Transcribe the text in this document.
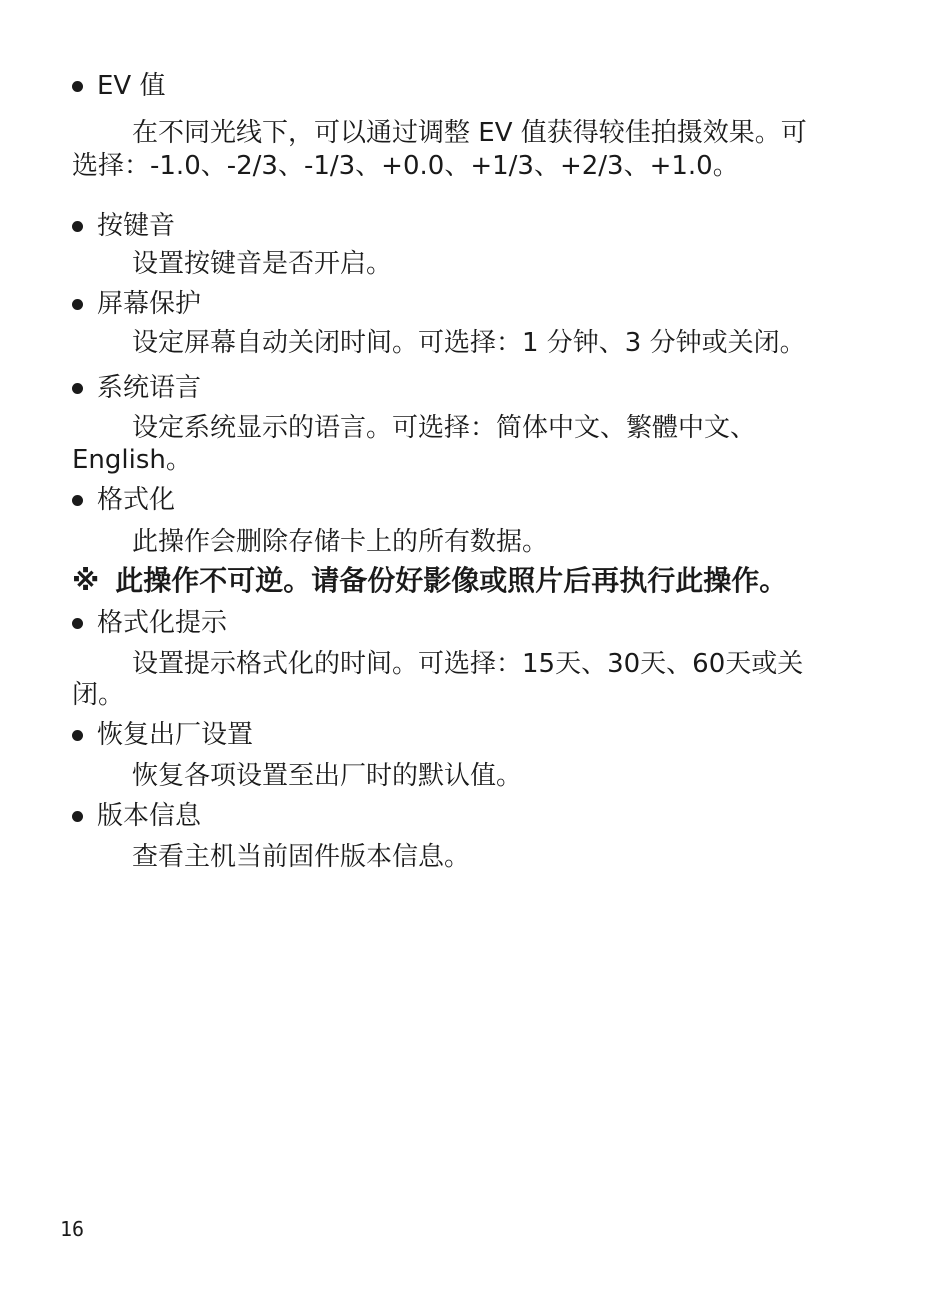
EV 值
在不同光线下，可以通过调整 EV 值获得较佳拍摄效果。可
选择：-1.0、-2/3、-1/3、+0.0、+1/3、+2/3、+1.0。
按键音
设置按键音是否开启。
屏幕保护
设定屏幕自动关闭时间。可选择：1 分钟、3 分钟或关闭。
系统语言
设定系统显示的语言。可选择：简体中文、繁體中文、
English。
格式化
此操作会删除存储卡上的所有数据。
※ 此操作不可逆。请备份好影像或照片后再执行此操作。
格式化提示
设置提示格式化的时间。可选择：15天、30天、60天或关
闭。
恢复出厂设置
恢复各项设置至出厂时的默认值。
版本信息
查看主机当前固件版本信息。
16
